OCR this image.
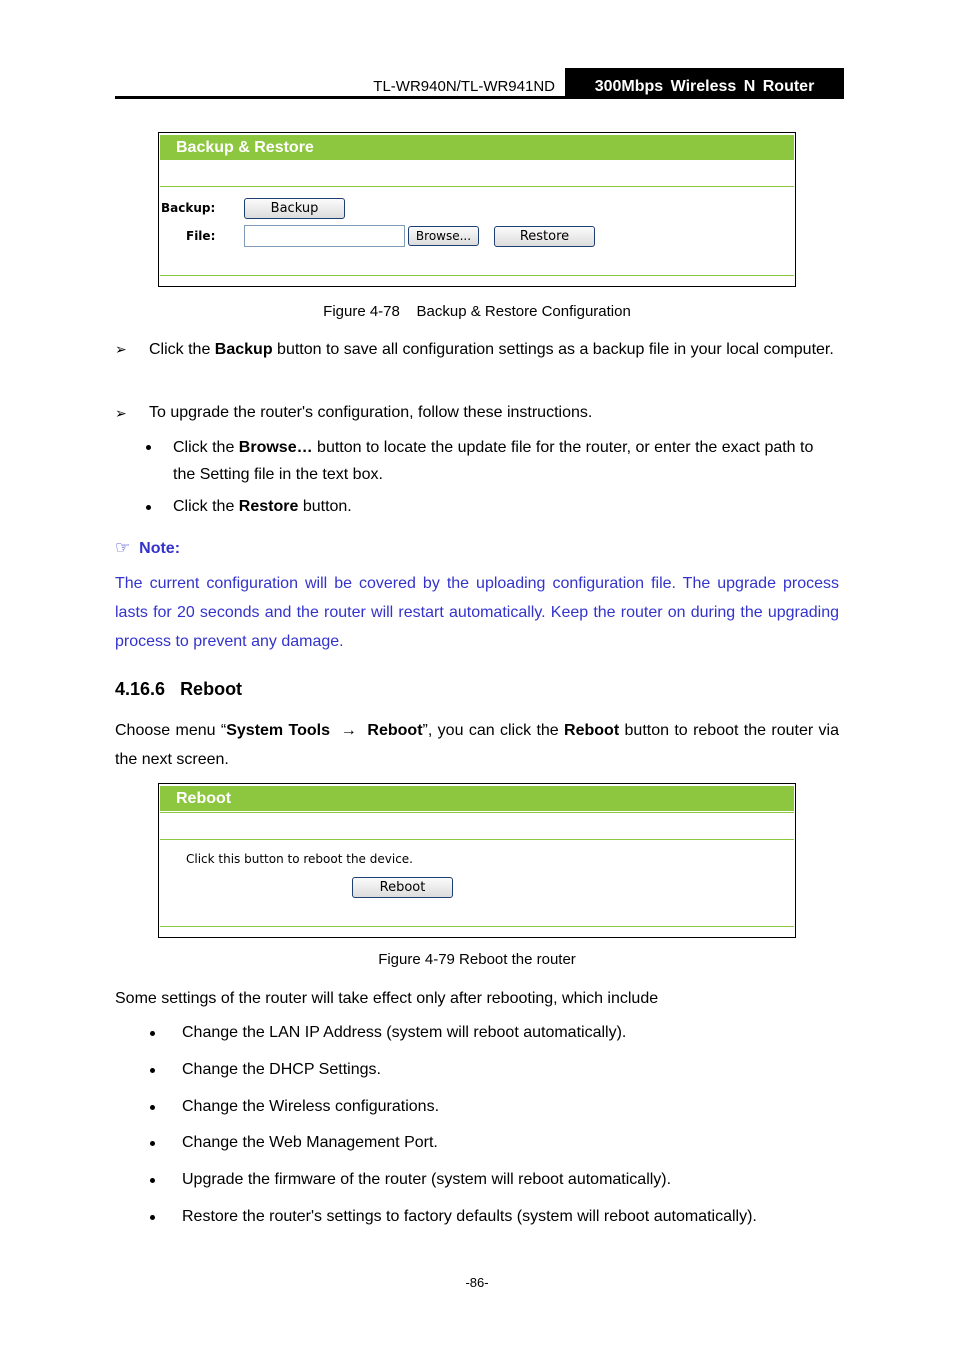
TL-WR940N/TL-WR941ND	300Mbps Wireless N Router
Backup & Restore
Backup:	Backup
File:	Browse...	Restore
Figure 4-78    Backup & Restore Configuration
➢ Click the Backup button to save all configuration settings as a backup file in your local computer.
➢ To upgrade the router's configuration, follow these instructions.
Click the Browse… button to locate the update file for the router, or enter the exact path to the Setting file in the text box.
Click the Restore button.
☞ Note:
The current configuration will be covered by the uploading configuration file. The upgrade process lasts for 20 seconds and the router will restart automatically. Keep the router on during the upgrading process to prevent any damage.
4.16.6 Reboot
Choose menu “System Tools → Reboot”, you can click the Reboot button to reboot the router via the next screen.
Reboot
Click this button to reboot the device.
Reboot
Figure 4-79 Reboot the router
Some settings of the router will take effect only after rebooting, which include
Change the LAN IP Address (system will reboot automatically).
Change the DHCP Settings.
Change the Wireless configurations.
Change the Web Management Port.
Upgrade the firmware of the router (system will reboot automatically).
Restore the router's settings to factory defaults (system will reboot automatically).
-86-
